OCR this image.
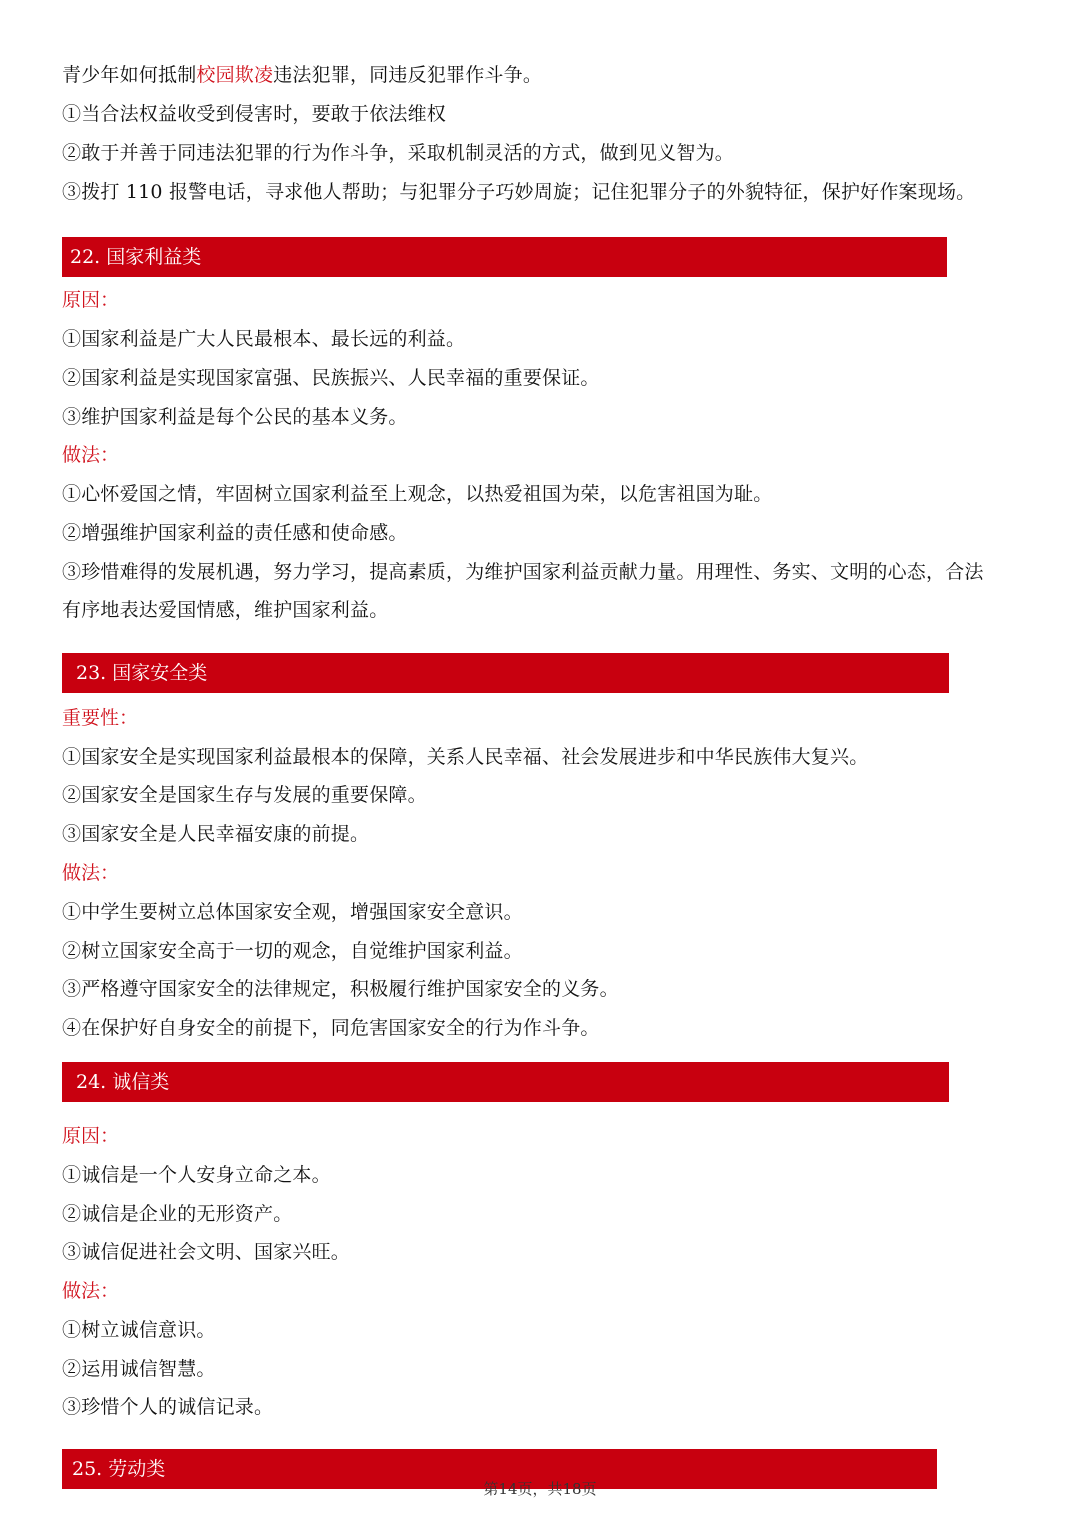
青少年如何抵制校园欺凌违法犯罪，同违反犯罪作斗争。
①当合法权益收受到侵害时，要敢于依法维权
②敢于并善于同违法犯罪的行为作斗争，采取机制灵活的方式，做到见义智为。
③拨打 110 报警电话，寻求他人帮助；与犯罪分子巧妙周旋；记住犯罪分子的外貌特征，保护好作案现场。
22. 国家利益类
原因：
①国家利益是广大人民最根本、最长远的利益。
②国家利益是实现国家富强、民族振兴、人民幸福的重要保证。
③维护国家利益是每个公民的基本义务。
做法：
①心怀爱国之情，牢固树立国家利益至上观念，以热爱祖国为荣，以危害祖国为耻。
②增强维护国家利益的责任感和使命感。
③珍惜难得的发展机遇，努力学习，提高素质，为维护国家利益贡献力量。用理性、务实、文明的心态，合法
有序地表达爱国情感，维护国家利益。
23. 国家安全类
重要性：
①国家安全是实现国家利益最根本的保障，关系人民幸福、社会发展进步和中华民族伟大复兴。
②国家安全是国家生存与发展的重要保障。
③国家安全是人民幸福安康的前提。
做法：
①中学生要树立总体国家安全观，增强国家安全意识。
②树立国家安全高于一切的观念，自觉维护国家利益。
③严格遵守国家安全的法律规定，积极履行维护国家安全的义务。
④在保护好自身安全的前提下，同危害国家安全的行为作斗争。
24. 诚信类
原因：
①诚信是一个人安身立命之本。
②诚信是企业的无形资产。
③诚信促进社会文明、国家兴旺。
做法：
①树立诚信意识。
②运用诚信智慧。
③珍惜个人的诚信记录。
25. 劳动类
第14页，共18页
